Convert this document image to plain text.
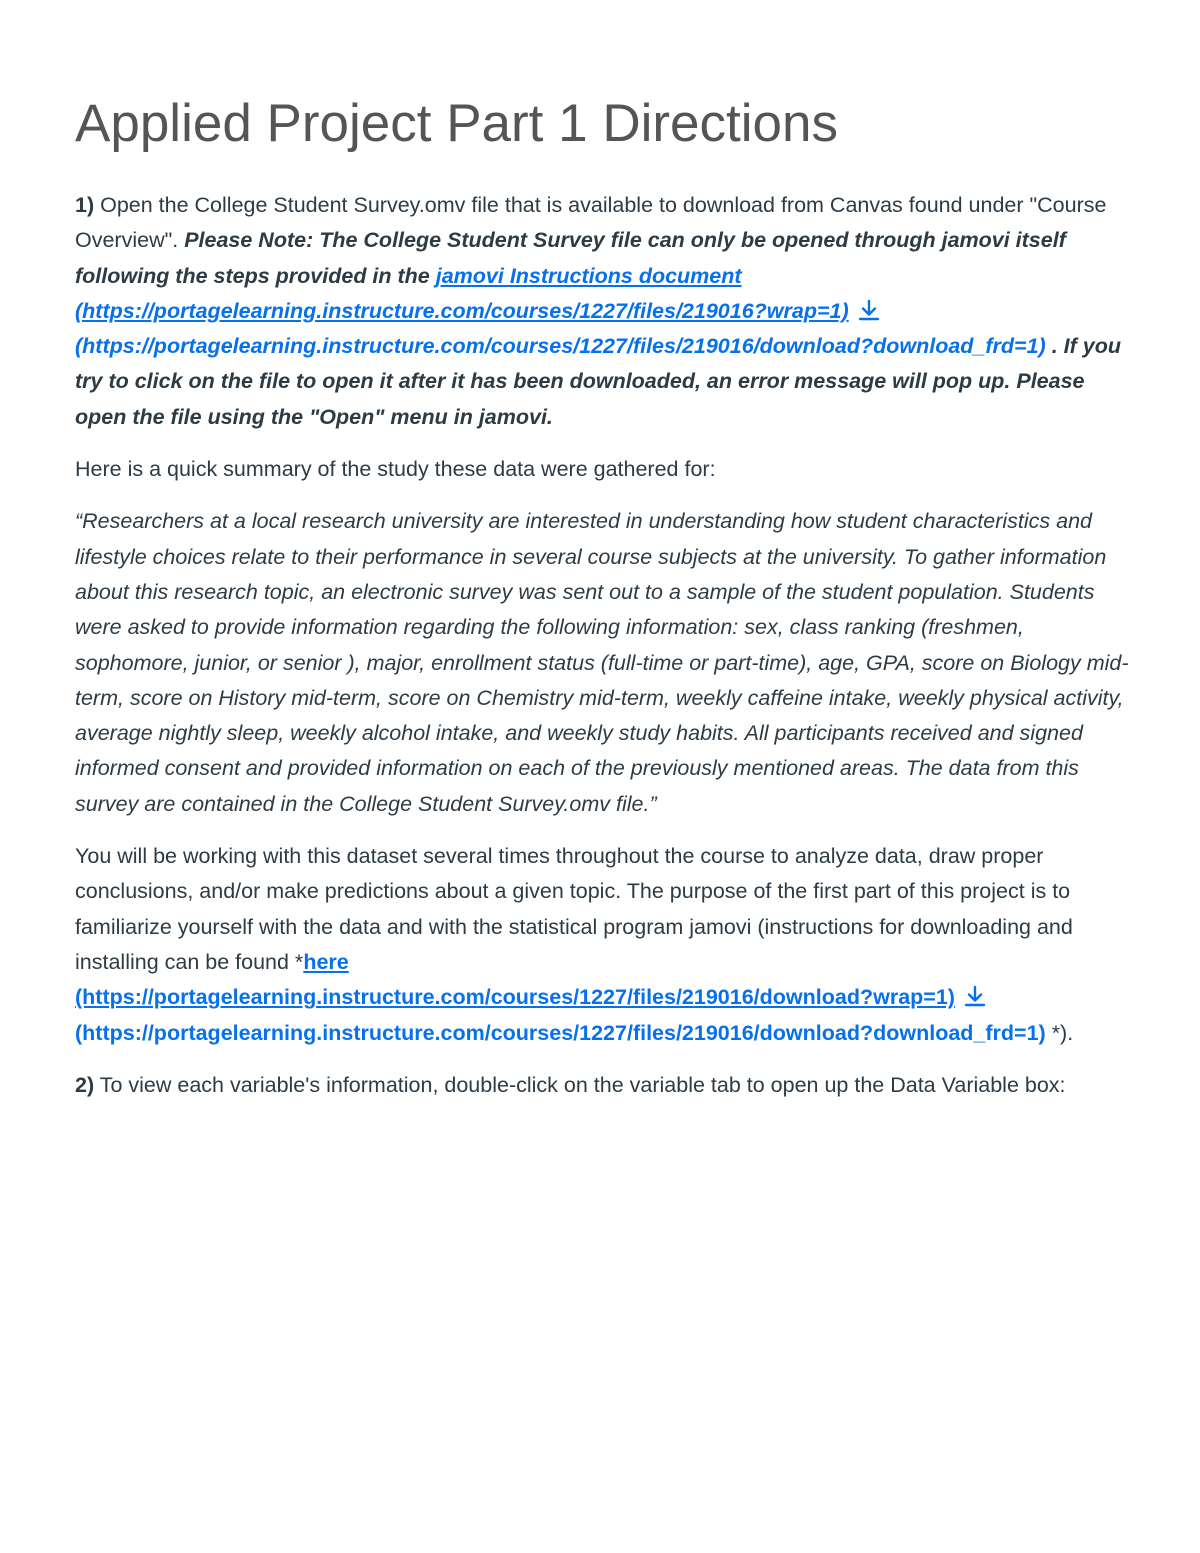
Applied Project Part 1 Directions

1) Open the College Student Survey.omv file that is available to download from Canvas found under "Course Overview". Please Note: The College Student Survey file can only be opened through jamovi itself following the steps provided in the jamovi Instructions document
(https://portagelearning.instructure.com/courses/1227/files/219016?wrap=1)
(https://portagelearning.instructure.com/courses/1227/files/219016/download?download_frd=1) . If you try to click on the file to open it after it has been downloaded, an error message will pop up. Please open the file using the "Open" menu in jamovi.

Here is a quick summary of the study these data were gathered for:

“Researchers at a local research university are interested in understanding how student characteristics and lifestyle choices relate to their performance in several course subjects at the university. To gather information about this research topic, an electronic survey was sent out to a sample of the student population. Students were asked to provide information regarding the following information: sex, class ranking (freshmen, sophomore, junior, or senior ), major, enrollment status (full-time or part-time), age, GPA, score on Biology mid-term, score on History mid-term, score on Chemistry mid-term, weekly caffeine intake, weekly physical activity, average nightly sleep, weekly alcohol intake, and weekly study habits. All participants received and signed informed consent and provided information on each of the previously mentioned areas. The data from this survey are contained in the College Student Survey.omv file.”

You will be working with this dataset several times throughout the course to analyze data, draw proper conclusions, and/or make predictions about a given topic. The purpose of the first part of this project is to familiarize yourself with the data and with the statistical program jamovi (instructions for downloading and installing can be found *here
(https://portagelearning.instructure.com/courses/1227/files/219016/download?wrap=1)
(https://portagelearning.instructure.com/courses/1227/files/219016/download?download_frd=1) *).

2) To view each variable's information, double-click on the variable tab to open up the Data Variable box:
